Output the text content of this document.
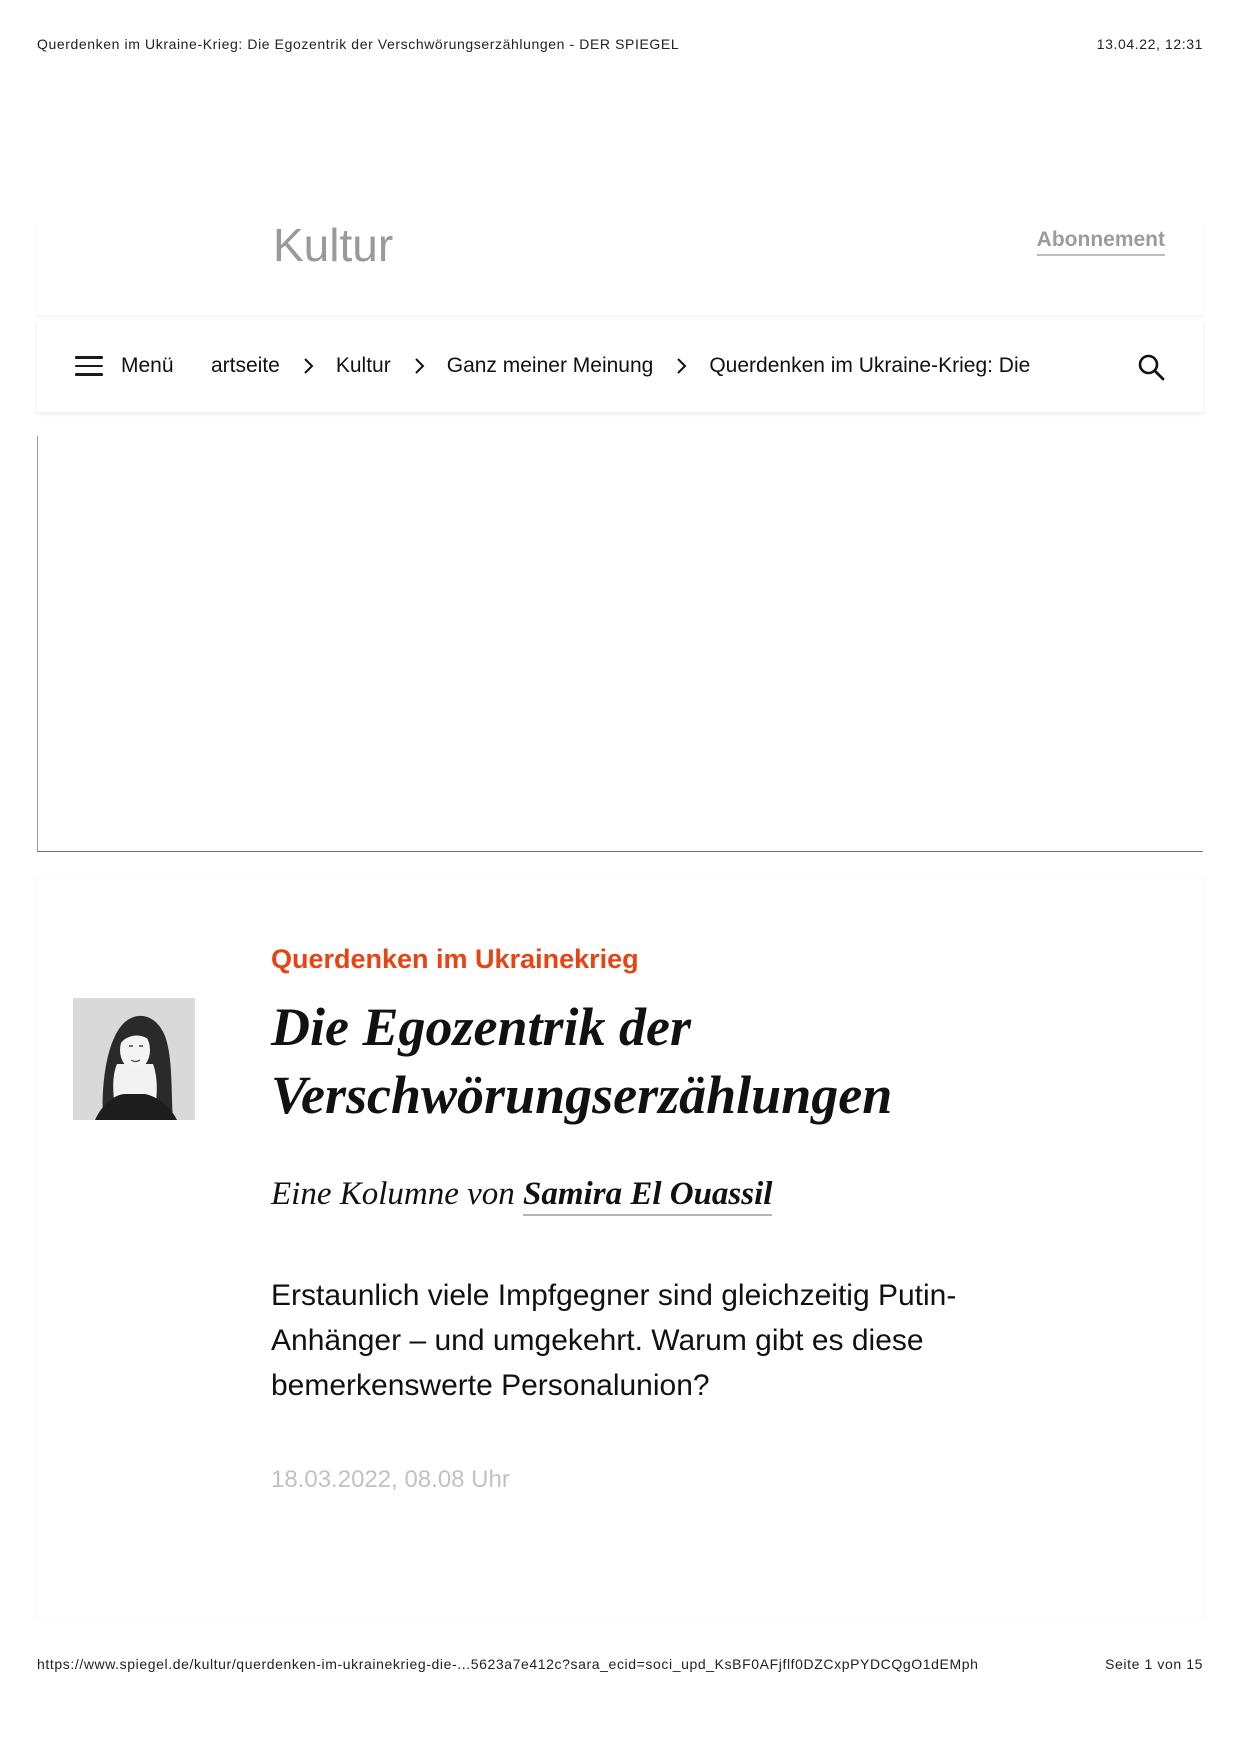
Querdenken im Ukraine-Krieg: Die Egozentrik der Verschwörungserzählungen - DER SPIEGEL	13.04.22, 12:31
Kultur	Abonnement
Menü artseite	Kultur	Ganz meiner Meinung	Querdenken im Ukraine-Krieg: Die
Querdenken im Ukrainekrieg
Die Egozentrik der Verschwörungserzählungen
Eine Kolumne von Samira El Ouassil

Erstaunlich viele Impfgegner sind gleichzeitig Putin-Anhänger – und umgekehrt. Warum gibt es diese bemerkenswerte Personalunion?

18.03.2022, 08.08 Uhr
https://www.spiegel.de/kultur/querdenken-im-ukrainekrieg-die-...5623a7e412c?sara_ecid=soci_upd_KsBF0AFjflf0DZCxpPYDCQgO1dEMph	Seite 1 von 15
